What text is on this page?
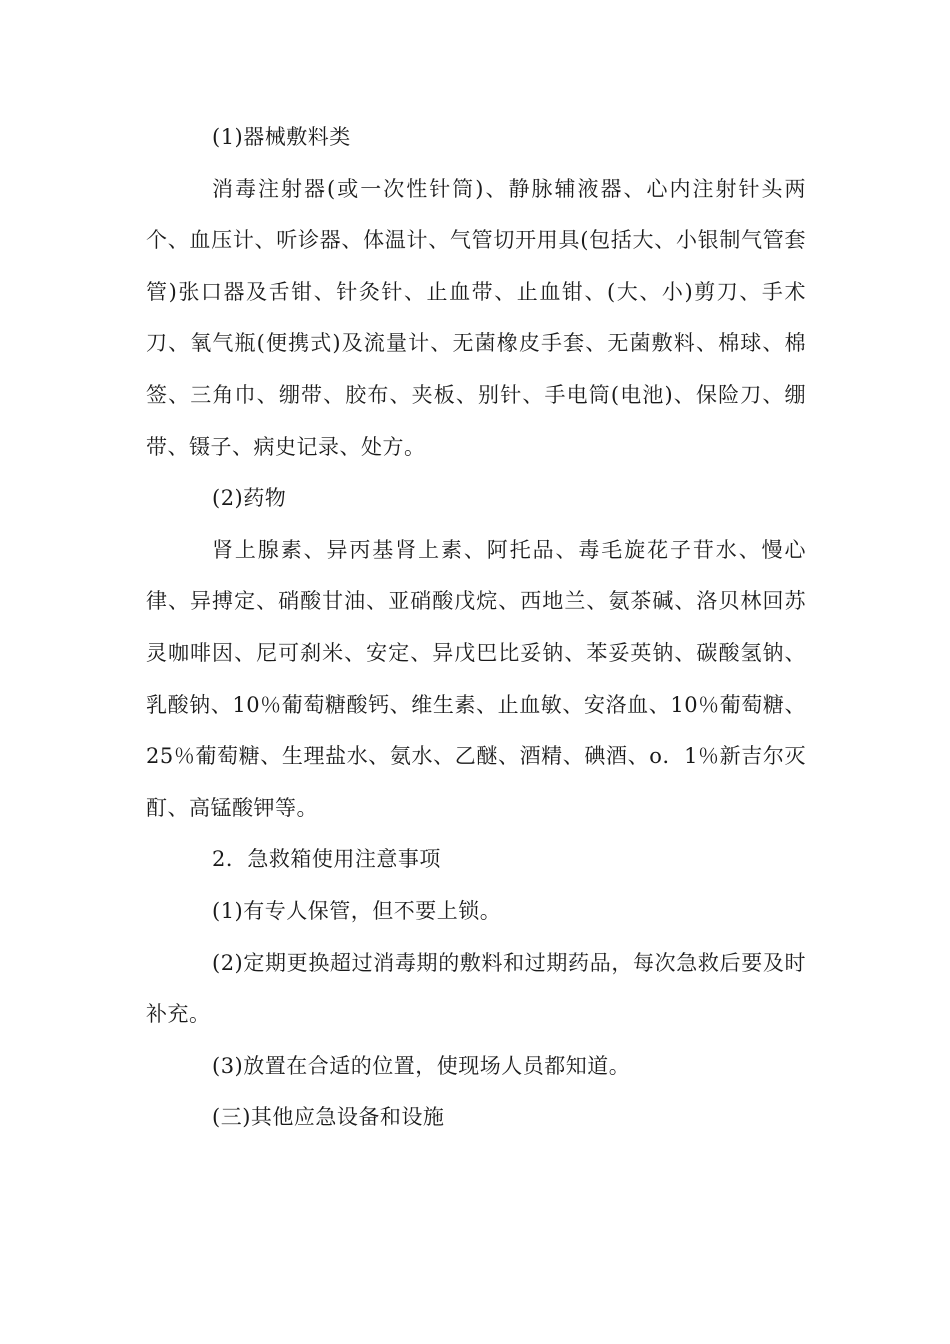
(1)器械敷料类

消毒注射器(或一次性针筒)、静脉辅液器、心内注射针头两个、血压计、听诊器、体温计、气管切开用具(包括大、小银制气管套管)张口器及舌钳、针灸针、止血带、止血钳、(大、小)剪刀、手术刀、氧气瓶(便携式)及流量计、无菌橡皮手套、无菌敷料、棉球、棉签、三角巾、绷带、胶布、夹板、别针、手电筒(电池)、保险刀、绷带、镊子、病史记录、处方。

(2)药物

肾上腺素、异丙基肾上素、阿托品、毒毛旋花子苷水、慢心律、异搏定、硝酸甘油、亚硝酸戊烷、西地兰、氨茶碱、洛贝林回苏灵咖啡因、尼可刹米、安定、异戊巴比妥钠、苯妥英钠、碳酸氢钠、乳酸钠、10％葡萄糖酸钙、维生素、止血敏、安洛血、10％葡萄糖、25％葡萄糖、生理盐水、氨水、乙醚、酒精、碘酒、o．1％新吉尔灭酊、高锰酸钾等。

2．急救箱使用注意事项

(1)有专人保管，但不要上锁。

(2)定期更换超过消毒期的敷料和过期药品，每次急救后要及时补充。

(3)放置在合适的位置，使现场人员都知道。

(三)其他应急设备和设施
